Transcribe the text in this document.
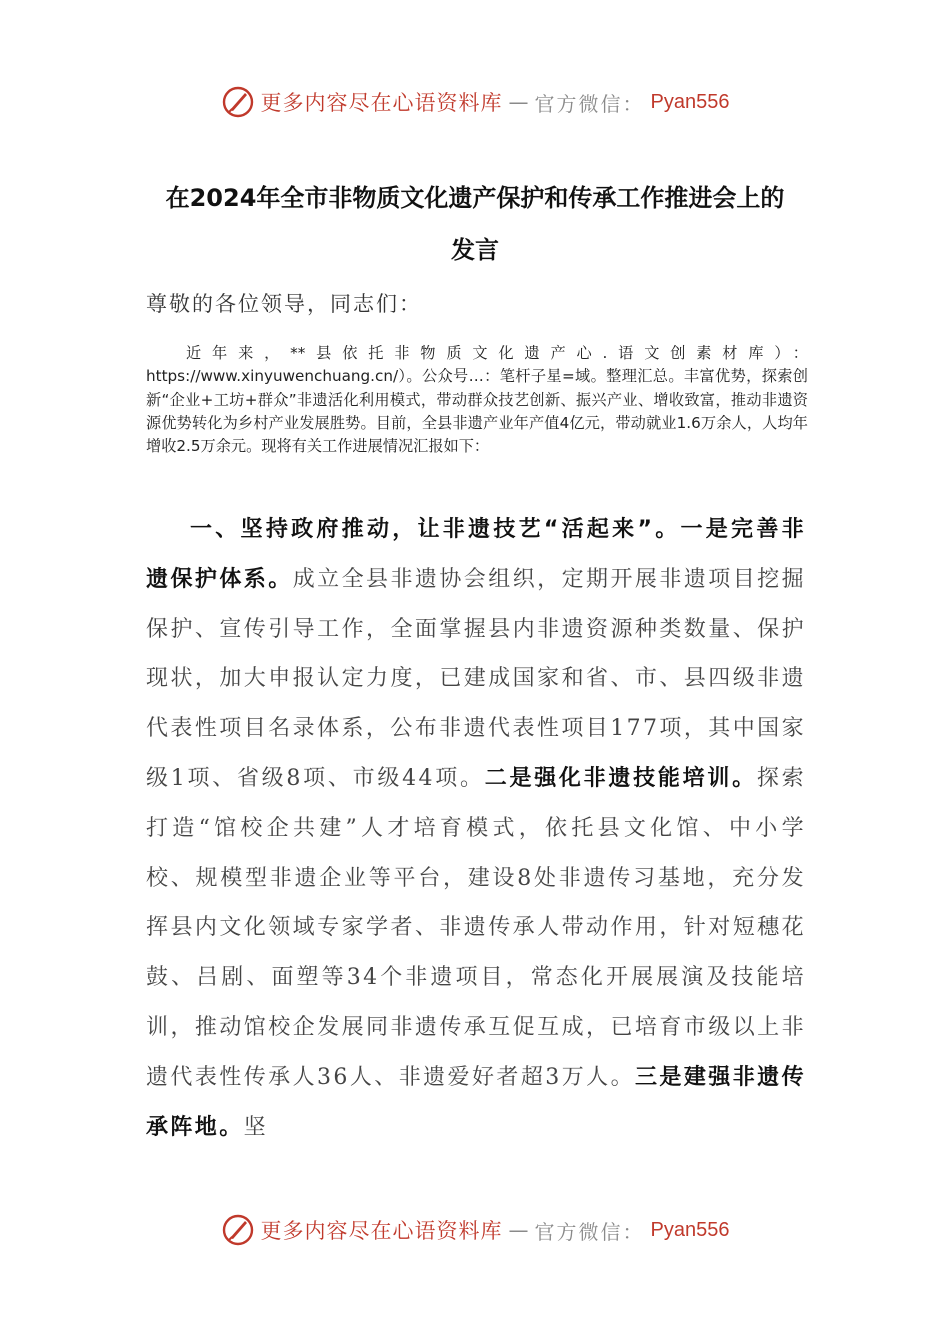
更多内容尽在心语资料库 — 官方微信： Pyan556
在2024年全市非物质文化遗产保护和传承工作推进会上的
发言
尊敬的各位领导，同志们：
近年来，**县依托非物质文化遗产心.语文创素材库）：https://www.xinyuwenchuang.cn/）。公众号…：笔杆子星=域。整理汇总。丰富优势，探索创新“企业+工坊+群众”非遗活化利用模式，带动群众技艺创新、振兴产业、增收致富，推动非遗资源优势转化为乡村产业发展胜势。目前，全县非遗产业年产值4亿元，带动就业1.6万余人，人均年增收2.5万余元。现将有关工作进展情况汇报如下：
一、坚持政府推动，让非遗技艺“活起来”。一是完善非遗保护体系。成立全县非遗协会组织，定期开展非遗项目挖掘保护、宣传引导工作，全面掌握县内非遗资源种类数量、保护现状，加大申报认定力度，已建成国家和省、市、县四级非遗代表性项目名录体系，公布非遗代表性项目177项，其中国家级1项、省级8项、市级44项。二是强化非遗技能培训。探索打造“馆校企共建”人才培育模式，依托县文化馆、中小学校、规模型非遗企业等平台，建设8处非遗传习基地，充分发挥县内文化领域专家学者、非遗传承人带动作用，针对短穗花鼓、吕剧、面塑等34个非遗项目，常态化开展展演及技能培训，推动馆校企发展同非遗传承互促互成，已培育市级以上非遗代表性传承人36人、非遗爱好者超3万人。三是建强非遗传承阵地。坚
更多内容尽在心语资料库 — 官方微信： Pyan556
